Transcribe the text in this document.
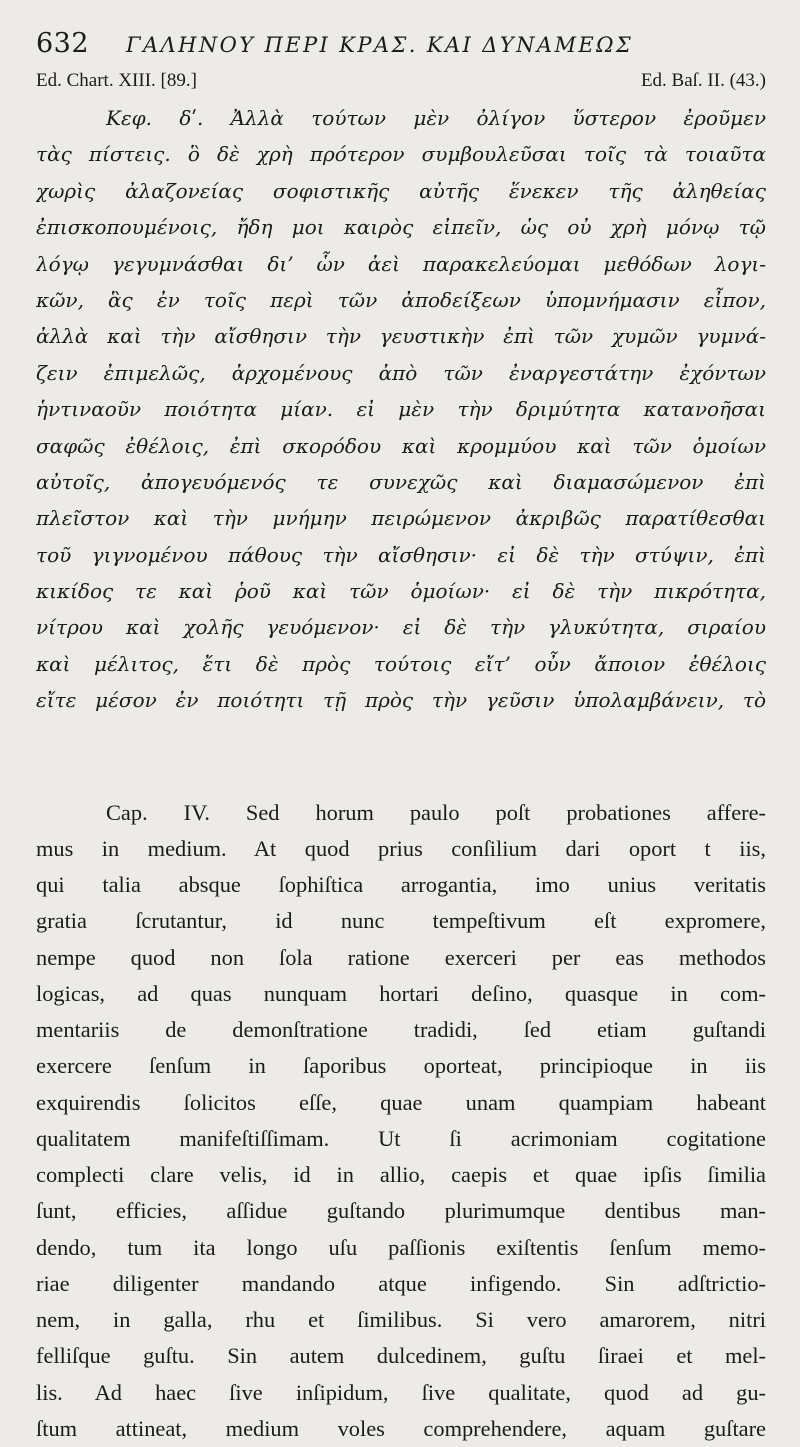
632	ΓΑΛΗΝΟΥ ΠΕΡΙ ΚΡΑΣ. ΚΑΙ ΔΥΝΑΜΕΩΣ
Ed. Chart. XIII. [89.]	Ed. Baſ. II. (43.)
Κεφ. δʹ. Ἀλλὰ τούτων μὲν ὀλίγον ὕστερον ἐροῦμεν
τὰς πίστεις. ὃ δὲ χρὴ πρότερον συμβουλεῦσαι τοῖς τὰ τοιαῦτα
χωρὶς ἀλαζονείας σοφιστικῆς αὐτῆς ἕνεκεν τῆς ἀληθείας
ἐπισκοπουμένοις, ἤδη μοι καιρὸς εἰπεῖν, ὡς οὐ χρὴ μόνῳ τῷ
λόγῳ γεγυμνάσθαι δι’ ὧν ἀεὶ παρακελεύομαι μεθόδων λογι-
κῶν, ἃς ἐν τοῖς περὶ τῶν ἀποδείξεων ὑπομνήμασιν εἶπον,
ἀλλὰ καὶ τὴν αἴσθησιν τὴν γευστικὴν ἐπὶ τῶν χυμῶν γυμνά-
ζειν ἐπιμελῶς, ἀρχομένους ἀπὸ τῶν ἐναργεστάτην ἐχόντων
ἡντιναοῦν ποιότητα μίαν. εἰ μὲν τὴν δριμύτητα κατανοῆσαι
σαφῶς ἐθέλοις, ἐπὶ σκορόδου καὶ κρομμύου καὶ τῶν ὁμοίων
αὐτοῖς, ἀπογευόμενός τε συνεχῶς καὶ διαμασώμενον ἐπὶ
πλεῖστον καὶ τὴν μνήμην πειρώμενον ἀκριβῶς παρατίθεσθαι
τοῦ γιγνομένου πάθους τὴν αἴσθησιν· εἰ δὲ τὴν στύψιν, ἐπὶ
κικίδος τε καὶ ῥοῦ καὶ τῶν ὁμοίων· εἰ δὲ τὴν πικρότητα,
νίτρου καὶ χολῆς γευόμενον· εἰ δὲ τὴν γλυκύτητα, σιραίου
καὶ μέλιτος, ἔτι δὲ πρὸς τούτοις εἴτ’ οὖν ἄποιον ἐθέλοις
εἴτε μέσον ἐν ποιότητι τῇ πρὸς τὴν γεῦσιν ὑπολαμβάνειν, τὸ
Cap. IV. Sed horum paulo poſt probationes affere-
mus in medium. At quod prius conſilium dari oport t iis,
qui talia absque ſophiſtica arrogantia, imo unius veritatis
gratia ſcrutantur, id nunc tempeſtivum eſt expromere,
nempe quod non ſola ratione exerceri per eas methodos
logicas, ad quas nunquam hortari deſino, quasque in com-
mentariis de demonſtratione tradidi, ſed etiam guſtandi
exercere ſenſum in ſaporibus oporteat, principioque in iis
exquirendis ſolicitos eſſe, quae unam quampiam habeant
qualitatem manifeſtiſſimam. Ut ſi acrimoniam cogitatione
complecti clare velis, id in allio, caepis et quae ipſis ſimilia
ſunt, efficies, aſſidue guſtando plurimumque dentibus man-
dendo, tum ita longo uſu paſſionis exiſtentis ſenſum memo-
riae diligenter mandando atque infigendo. Sin adſtrictio-
nem, in galla, rhu et ſimilibus. Si vero amarorem, nitri
felliſque guſtu. Sin autem dulcedinem, guſtu ſiraei et mel-
lis. Ad haec ſive inſipidum, ſive qualitate, quod ad gu-
ſtum attineat, medium voles comprehendere, aquam guſtare
